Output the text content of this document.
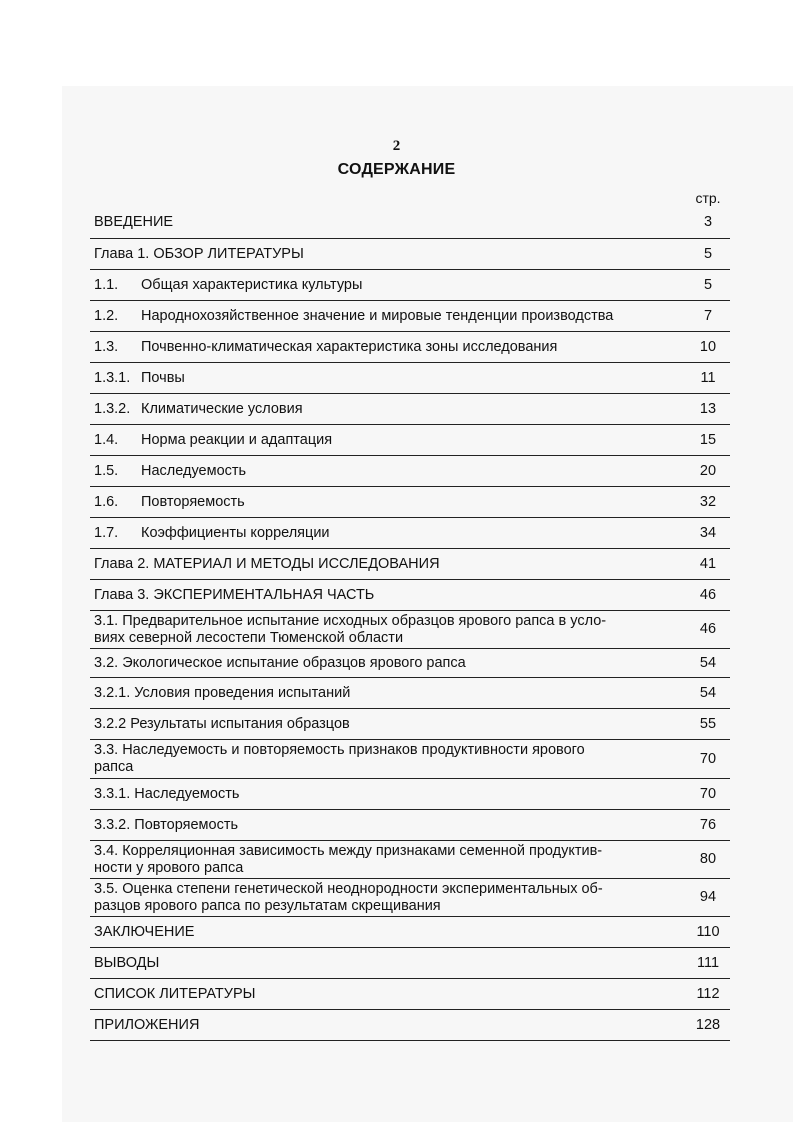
2
СОДЕРЖАНИЕ
стр.
ВВЕДЕНИЕ	3
Глава 1. ОБЗОР ЛИТЕРАТУРЫ	5
1.1. Общая характеристика культуры	5
1.2. Народнохозяйственное значение и мировые тенденции производства	7
1.3. Почвенно-климатическая характеристика зоны исследования	10
1.3.1. Почвы	11
1.3.2. Климатические условия	13
1.4. Норма реакции и адаптация	15
1.5. Наследуемость	20
1.6. Повторяемость	32
1.7. Коэффициенты корреляции	34
Глава 2. МАТЕРИАЛ И МЕТОДЫ ИССЛЕДОВАНИЯ	41
Глава 3. ЭКСПЕРИМЕНТАЛЬНАЯ ЧАСТЬ	46

3.1. Предварительное испытание исходных образцов ярового рапса в усло-
виях северной лесостепи Тюменской области	46
3.2. Экологическое испытание образцов ярового рапса	54
3.2.1. Условия проведения испытаний	54
3.2.2 Результаты испытания образцов	55

3.3. Наследуемость и повторяемость признаков продуктивности ярового
рапса	70
3.3.1. Наследуемость	70
3.3.2. Повторяемость	76

3.4. Корреляционная зависимость между признаками семенной продуктив-
ности у ярового рапса	80

3.5. Оценка степени генетической неоднородности экспериментальных об-
разцов ярового рапса по результатам скрещивания	94
ЗАКЛЮЧЕНИЕ	110
ВЫВОДЫ	111
СПИСОК ЛИТЕРАТУРЫ	112
ПРИЛОЖЕНИЯ	128
